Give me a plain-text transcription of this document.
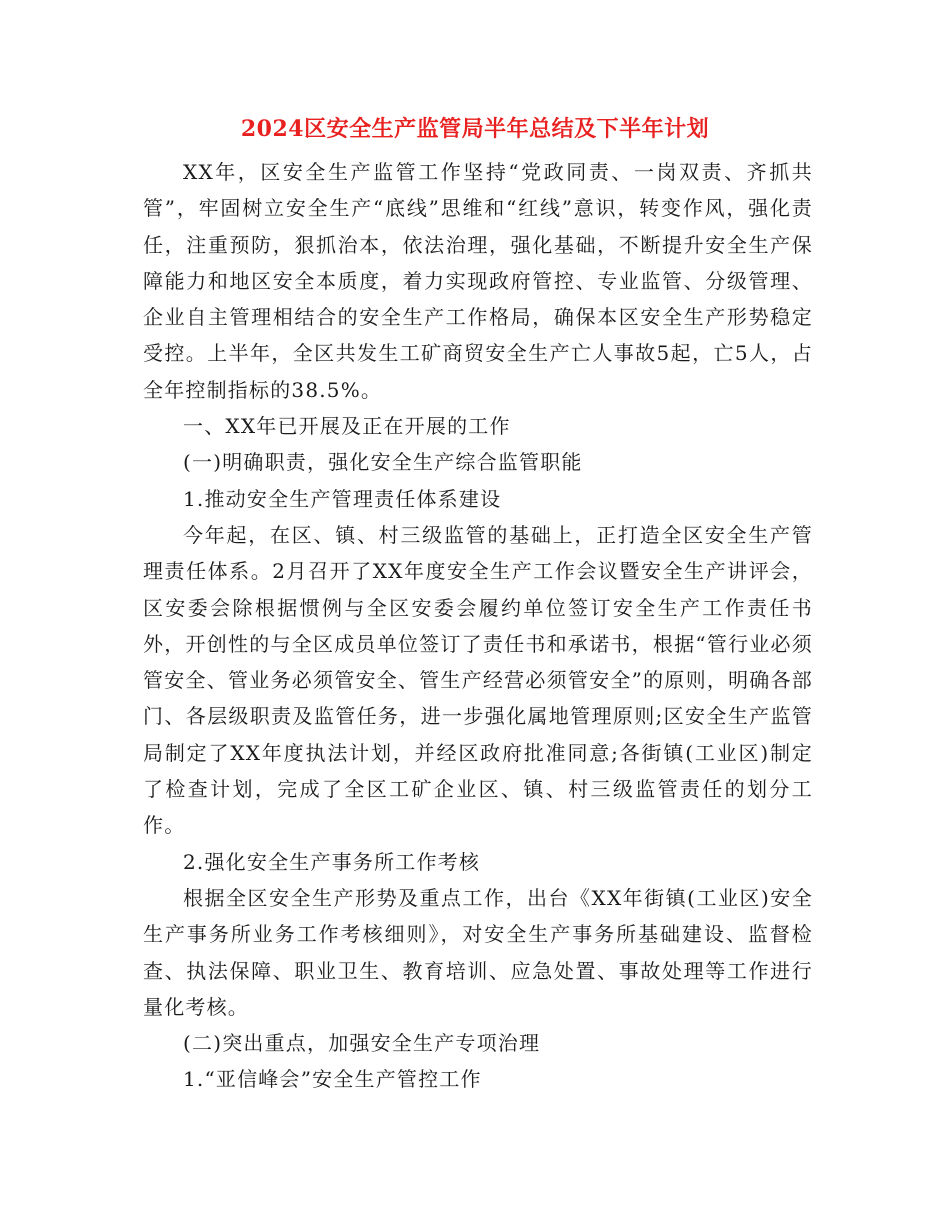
2024区安全生产监管局半年总结及下半年计划

XX年，区安全生产监管工作坚持“党政同责、一岗双责、齐抓共管”，牢固树立安全生产“底线”思维和“红线”意识，转变作风，强化责任，注重预防，狠抓治本，依法治理，强化基础，不断提升安全生产保障能力和地区安全本质度，着力实现政府管控、专业监管、分级管理、企业自主管理相结合的安全生产工作格局，确保本区安全生产形势稳定受控。上半年，全区共发生工矿商贸安全生产亡人事故5起，亡5人，占全年控制指标的38.5%。

一、XX年已开展及正在开展的工作

(一)明确职责，强化安全生产综合监管职能

1.推动安全生产管理责任体系建设

今年起，在区、镇、村三级监管的基础上，正打造全区安全生产管理责任体系。2月召开了XX年度安全生产工作会议暨安全生产讲评会，区安委会除根据惯例与全区安委会履约单位签订安全生产工作责任书外，开创性的与全区成员单位签订了责任书和承诺书，根据“管行业必须管安全、管业务必须管安全、管生产经营必须管安全”的原则，明确各部门、各层级职责及监管任务，进一步强化属地管理原则;区安全生产监管局制定了XX年度执法计划，并经区政府批准同意;各街镇(工业区)制定了检查计划，完成了全区工矿企业区、镇、村三级监管责任的划分工作。

2.强化安全生产事务所工作考核

根据全区安全生产形势及重点工作，出台《XX年街镇(工业区)安全生产事务所业务工作考核细则》，对安全生产事务所基础建设、监督检查、执法保障、职业卫生、教育培训、应急处置、事故处理等工作进行量化考核。

(二)突出重点，加强安全生产专项治理

1.“亚信峰会”安全生产管控工作
